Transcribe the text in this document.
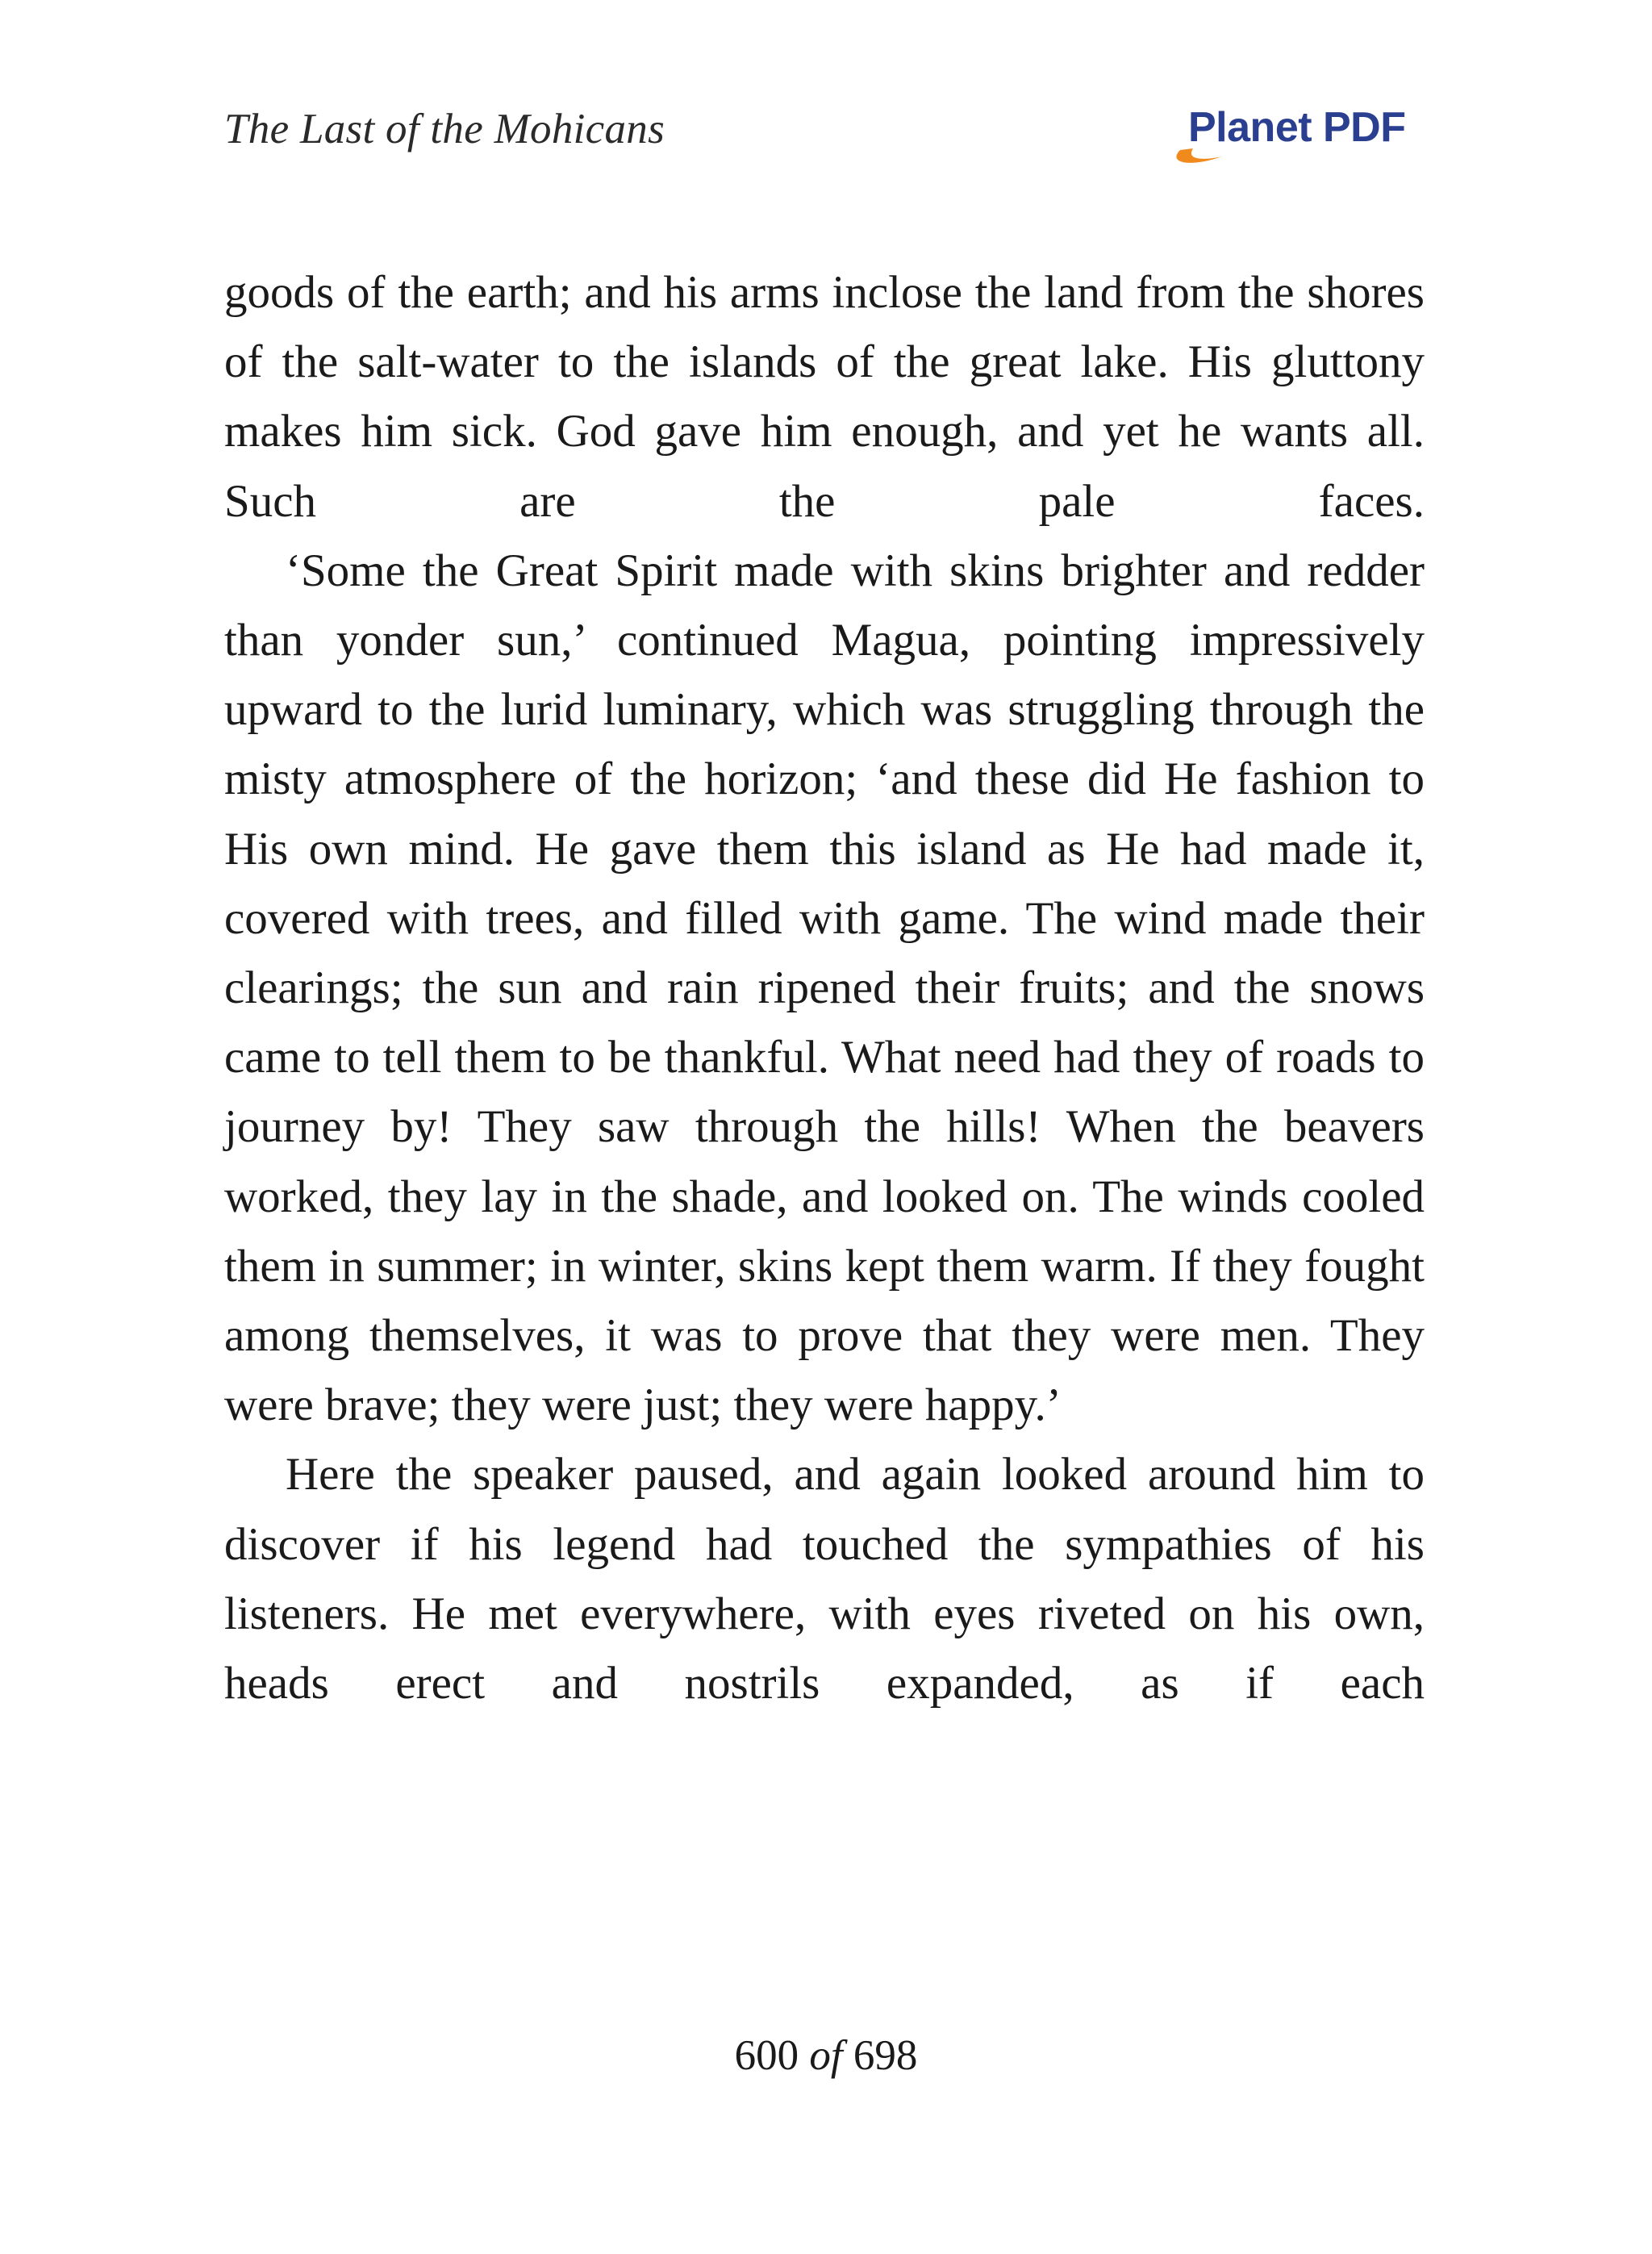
The Last of the Mohicans	Planet PDF

goods of the earth; and his arms inclose the land from the shores of the salt-water to the islands of the great lake. His gluttony makes him sick. God gave him enough, and yet he wants all. Such are the pale faces.

‘Some the Great Spirit made with skins brighter and redder than yonder sun,’ continued Magua, pointing impressively upward to the lurid luminary, which was struggling through the misty atmosphere of the horizon; ‘and these did He fashion to His own mind. He gave them this island as He had made it, covered with trees, and filled with game. The wind made their clearings; the sun and rain ripened their fruits; and the snows came to tell them to be thankful. What need had they of roads to journey by! They saw through the hills! When the beavers worked, they lay in the shade, and looked on. The winds cooled them in summer; in winter, skins kept them warm. If they fought among themselves, it was to prove that they were men. They were brave; they were just; they were happy.’

Here the speaker paused, and again looked around him to discover if his legend had touched the sympathies of his listeners. He met everywhere, with eyes riveted on his own, heads erect and nostrils expanded, as if each

600 of 698
